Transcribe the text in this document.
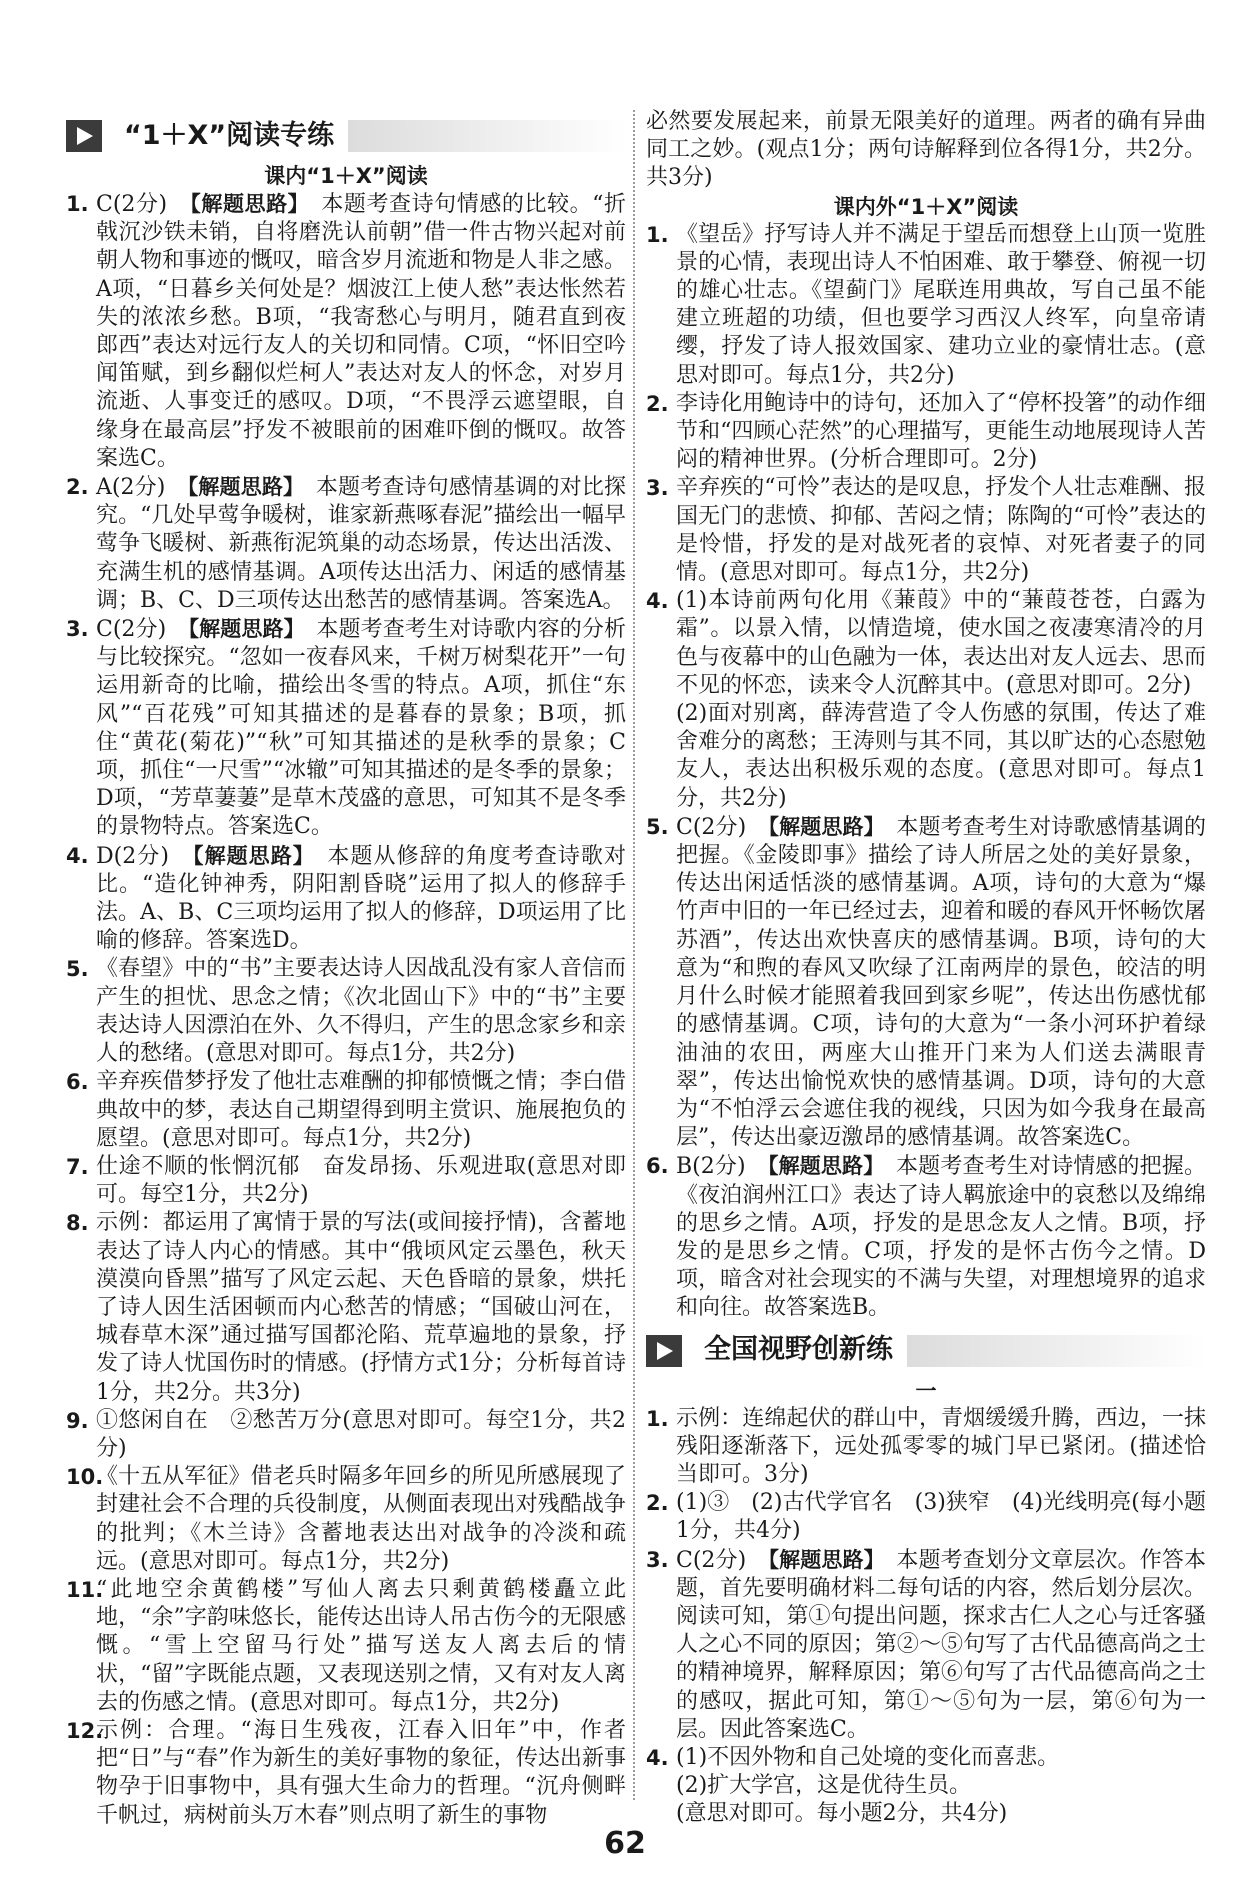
“1＋X”阅读专练
课内“1＋X”阅读
1. C(2分)　 【解题思路】　 本题考查诗句情感的比较。“折戟沉沙铁未销，自将磨洗认前朝”借一件古物兴起对前朝人物和事迹的慨叹，暗含岁月流逝和物是人非之感。A项，“日暮乡关何处是？烟波江上使人愁”表达怅然若失的浓浓乡愁。B项，“我寄愁心与明月，随君直到夜郎西”表达对远行友人的关切和同情。C项，“怀旧空吟闻笛赋，到乡翻似烂柯人”表达对友人的怀念，对岁月流逝、人事变迁的感叹。D项，“不畏浮云遮望眼，自缘身在最高层”抒发不被眼前的困难吓倒的慨叹。故答案选C。
2. A(2分)　 【解题思路】　 本题考查诗句感情基调的对比探究。“几处早莺争暖树，谁家新燕啄春泥”描绘出一幅早莺争飞暖树、新燕衔泥筑巢的动态场景，传达出活泼、充满生机的感情基调。A项传达出活力、闲适的感情基调；B、C、D三项传达出愁苦的感情基调。答案选A。
3. C(2分)　 【解题思路】　 本题考查考生对诗歌内容的分析与比较探究。“忽如一夜春风来，千树万树梨花开”一句运用新奇的比喻，描绘出冬雪的特点。A项，抓住“东风”“百花残”可知其描述的是暮春的景象；B项，抓住“黄花(菊花)”“秋”可知其描述的是秋季的景象；C项，抓住“一尺雪”“冰辙”可知其描述的是冬季的景象；D项，“芳草萋萋”是草木茂盛的意思，可知其不是冬季的景物特点。答案选C。
4. D(2分)　 【解题思路】　 本题从修辞的角度考查诗歌对比。“造化钟神秀，阴阳割昏晓”运用了拟人的修辞手法。A、B、C三项均运用了拟人的修辞，D项运用了比喻的修辞。答案选D。
5. 《春望》中的“书”主要表达诗人因战乱没有家人音信而产生的担忧、思念之情；《次北固山下》中的“书”主要表达诗人因漂泊在外、久不得归，产生的思念家乡和亲人的愁绪。(意思对即可。每点1分，共2分)
6. 辛弃疾借梦抒发了他壮志难酬的抑郁愤慨之情；李白借典故中的梦，表达自己期望得到明主赏识、施展抱负的愿望。(意思对即可。每点1分，共2分)
7. 仕途不顺的怅惘沉郁　奋发昂扬、乐观进取(意思对即可。每空1分，共2分)
8. 示例：都运用了寓情于景的写法(或间接抒情)，含蓄地表达了诗人内心的情感。其中“俄顷风定云墨色，秋天漠漠向昏黑”描写了风定云起、天色昏暗的景象，烘托了诗人因生活困顿而内心愁苦的情感；“国破山河在，城春草木深”通过描写国都沦陷、荒草遍地的景象，抒发了诗人忧国伤时的情感。(抒情方式1分；分析每首诗1分，共2分。共3分)
9. ①悠闲自在　②愁苦万分(意思对即可。每空1分，共2分)
10.
《十五从军征》借老兵时隔多年回乡的所见所感展现了封建社会不合理的兵役制度，从侧面表现出对残酷战争的批判；《木兰诗》含蓄地表达出对战争的冷淡和疏远。(意思对即可。每点1分，共2分)
11.
“此地空余黄鹤楼”写仙人离去只剩黄鹤楼矗立此地，“余”字韵味悠长，能传达出诗人吊古伤今的无限感慨。“雪上空留马行处”描写送友人离去后的情状，“留”字既能点题，又表现送别之情，又有对友人离去的伤感之情。(意思对即可。每点1分，共2分)
12.
示例：合理。“海日生残夜，江春入旧年”中，作者把“日”与“春”作为新生的美好事物的象征，传达出新事物孕于旧事物中，具有强大生命力的哲理。“沉舟侧畔千帆过，病树前头万木春”则点明了新生的事物
必然要发展起来，前景无限美好的道理。两者的确有异曲同工之妙。(观点1分；两句诗解释到位各得1分，共2分。共3分)
课内外“1＋X”阅读
1. 《望岳》抒写诗人并不满足于望岳而想登上山顶一览胜景的心情，表现出诗人不怕困难、敢于攀登、俯视一切的雄心壮志。《望蓟门》尾联连用典故，写自己虽不能建立班超的功绩，但也要学习西汉人终军，向皇帝请缨，抒发了诗人报效国家、建功立业的豪情壮志。(意思对即可。每点1分，共2分)
2. 李诗化用鲍诗中的诗句，还加入了“停杯投箸”的动作细节和“四顾心茫然”的心理描写，更能生动地展现诗人苦闷的精神世界。(分析合理即可。2分)
3. 辛弃疾的“可怜”表达的是叹息，抒发个人壮志难酬、报国无门的悲愤、抑郁、苦闷之情；陈陶的“可怜”表达的是怜惜，抒发的是对战死者的哀悼、对死者妻子的同情。(意思对即可。每点1分，共2分)
4. (1)本诗前两句化用《蒹葭》中的“蒹葭苍苍，白露为霜”。以景入情，以情造境，使水国之夜凄寒清冷的月色与夜幕中的山色融为一体，表达出对友人远去、思而不见的怀恋，读来令人沉醉其中。(意思对即可。2分)
(2)面对别离，薛涛营造了令人伤感的氛围，传达了难舍难分的离愁；王涛则与其不同，其以旷达的心态慰勉友人，表达出积极乐观的态度。(意思对即可。每点1分，共2分)
5. C(2分)　 【解题思路】　 本题考查考生对诗歌感情基调的把握。《金陵即事》描绘了诗人所居之处的美好景象，传达出闲适恬淡的感情基调。A项，诗句的大意为“爆竹声中旧的一年已经过去，迎着和暖的春风开怀畅饮屠苏酒”，传达出欢快喜庆的感情基调。B项，诗句的大意为“和煦的春风又吹绿了江南两岸的景色，皎洁的明月什么时候才能照着我回到家乡呢”，传达出伤感忧郁的感情基调。C项，诗句的大意为“一条小河环护着绿油油的农田，两座大山推开门来为人们送去满眼青翠”，传达出愉悦欢快的感情基调。D项，诗句的大意为“不怕浮云会遮住我的视线，只因为如今我身在最高层”，传达出豪迈激昂的感情基调。故答案选C。
6. B(2分)　 【解题思路】　 本题考查考生对诗情感的把握。《夜泊润州江口》表达了诗人羁旅途中的哀愁以及绵绵的思乡之情。A项，抒发的是思念友人之情。B项，抒发的是思乡之情。C项，抒发的是怀古伤今之情。D项，暗含对社会现实的不满与失望，对理想境界的追求和向往。故答案选B。
全国视野创新练
一
1. 示例：连绵起伏的群山中，青烟缓缓升腾，西边，一抹残阳逐渐落下，远处孤零零的城门早已紧闭。(描述恰当即可。3分)
2. (1)③　(2)古代学官名　(3)狭窄　(4)光线明亮(每小题1分，共4分)
3. C(2分)　 【解题思路】　 本题考查划分文章层次。作答本题，首先要明确材料二每句话的内容，然后划分层次。阅读可知，第①句提出问题，探求古仁人之心与迁客骚人之心不同的原因；第②～⑤句写了古代品德高尚之士的精神境界，解释原因；第⑥句写了古代品德高尚之士的感叹，据此可知，第①～⑤句为一层，第⑥句为一层。因此答案选C。
4. (1)不因外物和自己处境的变化而喜悲。
(2)扩大学宫，这是优待生员。
(意思对即可。每小题2分，共4分)
62
